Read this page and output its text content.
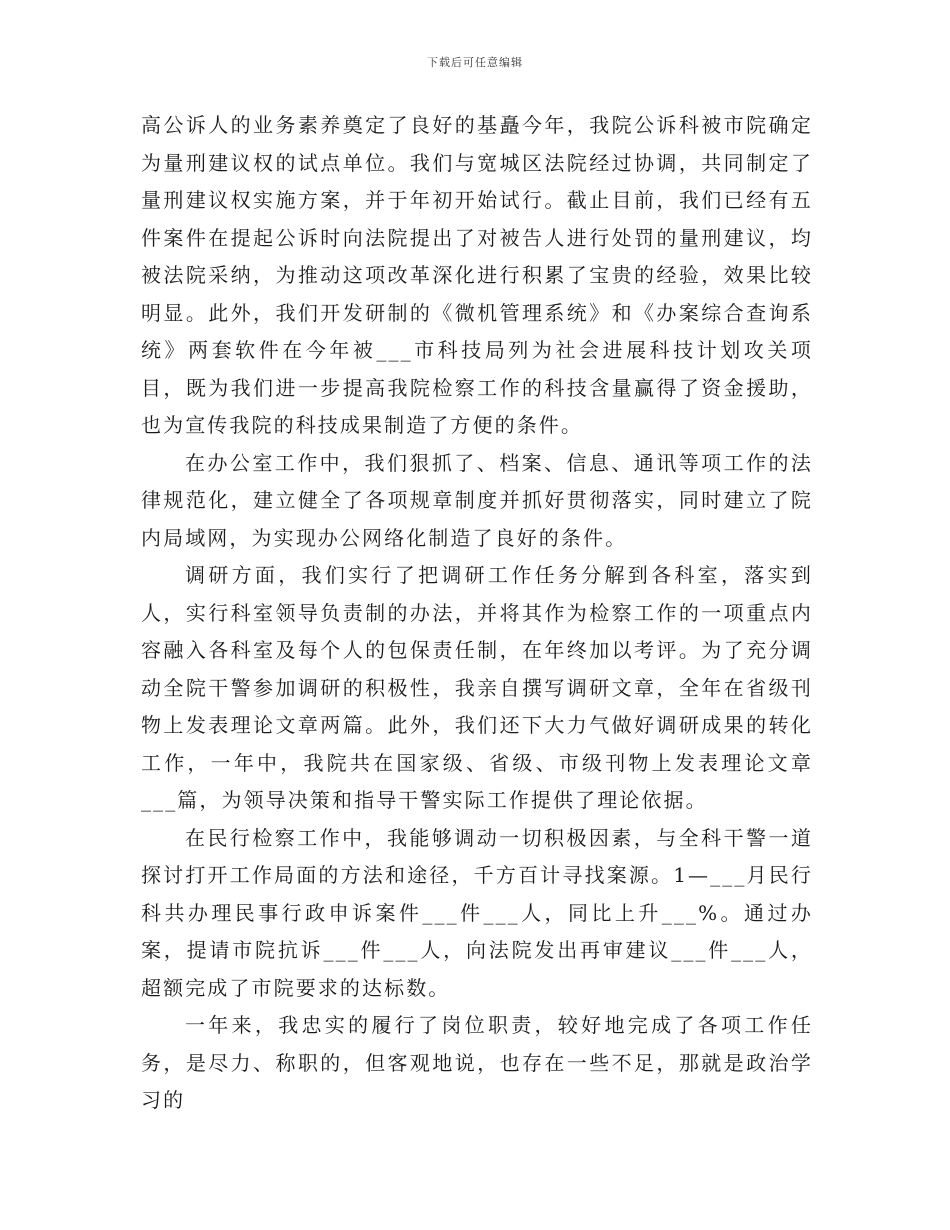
下载后可任意编辑

高公诉人的业务素养奠定了良好的基矗今年，我院公诉科被市院确定为量刑建议权的试点单位。我们与宽城区法院经过协调，共同制定了量刑建议权实施方案，并于年初开始试行。截止目前，我们已经有五件案件在提起公诉时向法院提出了对被告人进行处罚的量刑建议，均被法院采纳，为推动这项改革深化进行积累了宝贵的经验，效果比较明显。此外，我们开发研制的《微机管理系统》和《办案综合查询系统》两套软件在今年被___市科技局列为社会进展科技计划攻关项目，既为我们进一步提高我院检察工作的科技含量赢得了资金援助，也为宣传我院的科技成果制造了方便的条件。

在办公室工作中，我们狠抓了、档案、信息、通讯等项工作的法律规范化，建立健全了各项规章制度并抓好贯彻落实，同时建立了院内局域网，为实现办公网络化制造了良好的条件。

调研方面，我们实行了把调研工作任务分解到各科室，落实到人，实行科室领导负责制的办法，并将其作为检察工作的一项重点内容融入各科室及每个人的包保责任制，在年终加以考评。为了充分调动全院干警参加调研的积极性，我亲自撰写调研文章，全年在省级刊物上发表理论文章两篇。此外，我们还下大力气做好调研成果的转化工作，一年中，我院共在国家级、省级、市级刊物上发表理论文章___篇，为领导决策和指导干警实际工作提供了理论依据。

在民行检察工作中，我能够调动一切积极因素，与全科干警一道探讨打开工作局面的方法和途径，千方百计寻找案源。1—___月民行科共办理民事行政申诉案件___件___人，同比上升___%。通过办案，提请市院抗诉___件___人，向法院发出再审建议___件___人，超额完成了市院要求的达标数。

一年来，我忠实的履行了岗位职责，较好地完成了各项工作任务，是尽力、称职的，但客观地说，也存在一些不足，那就是政治学习的
